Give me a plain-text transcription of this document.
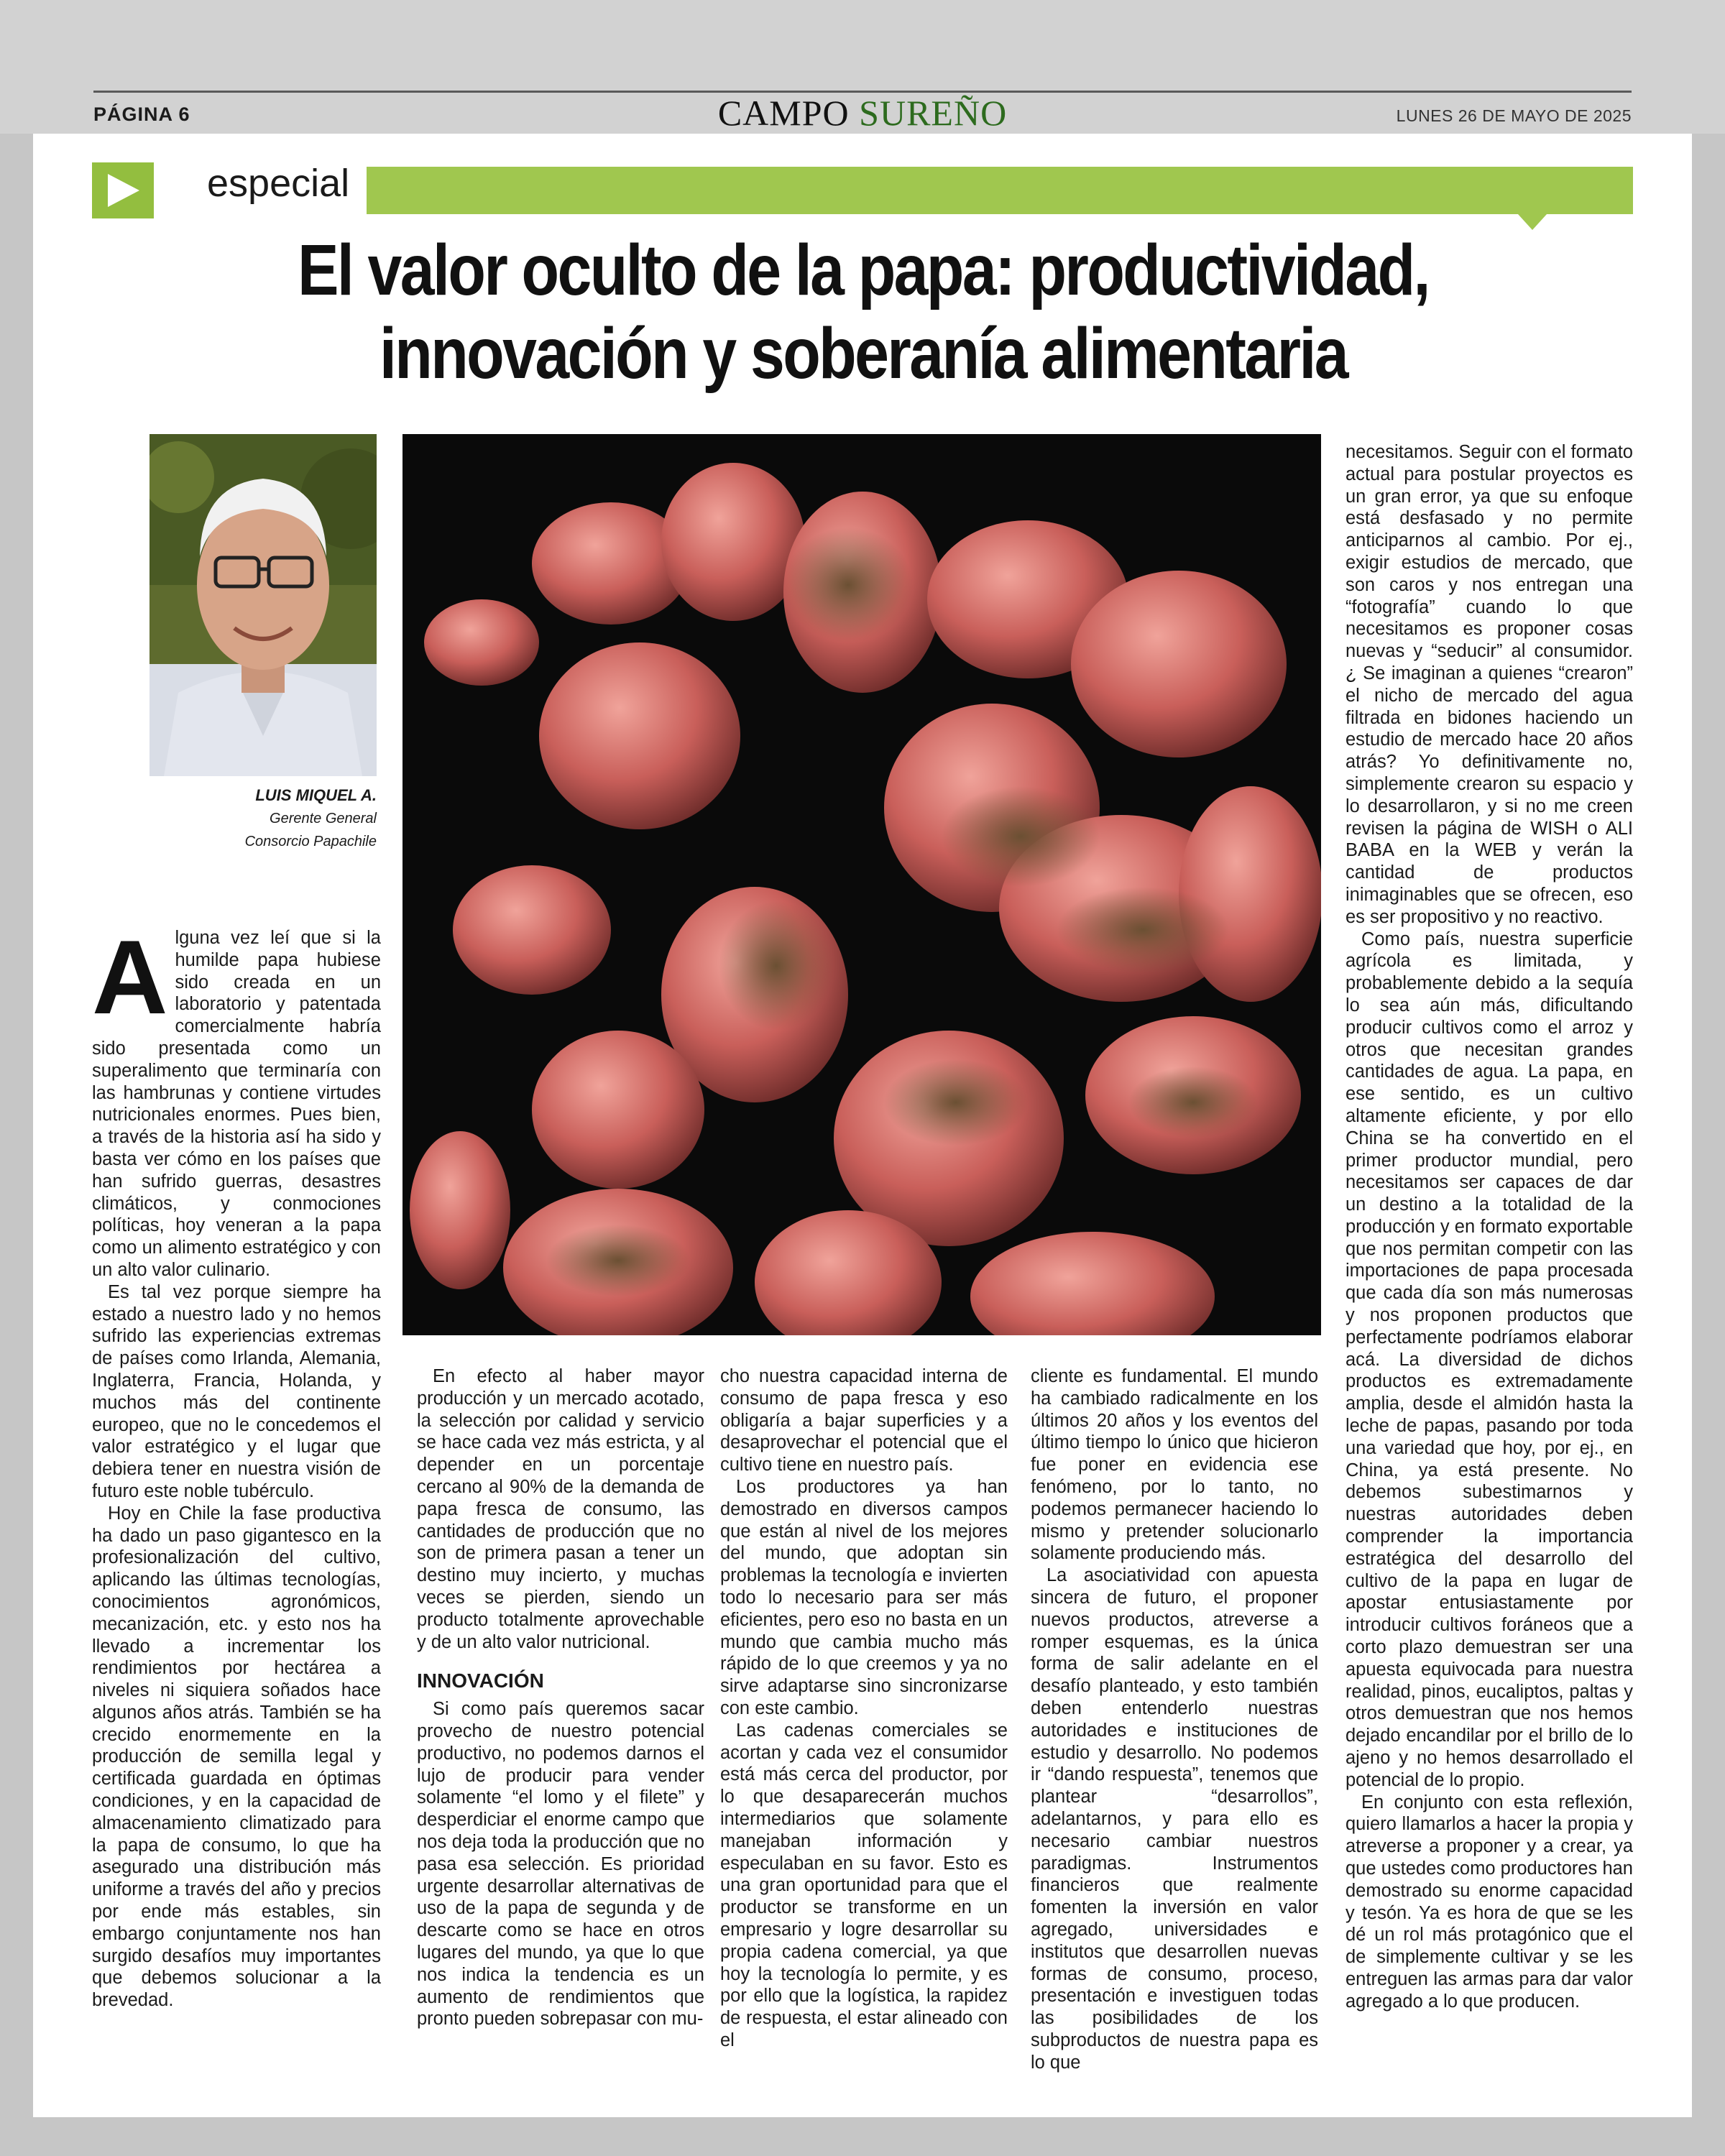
PÁGINA 6	CAMPO SUREÑO	LUNES 26 DE MAYO DE 2025
especial
El valor oculto de la papa: productividad,
innovación y soberanía alimentaria
LUIS MIQUEL A.
Gerente General
Consorcio Papachile

Alguna vez leí que si la humilde papa hubiese sido creada en un laboratorio y patentada comercialmente habría sido presentada como un superalimento que terminaría con las hambrunas y contiene virtudes nutricionales enormes. Pues bien, a través de la historia así ha sido y basta ver cómo en los países que han sufrido guerras, desastres climáticos, y conmociones políticas, hoy veneran a la papa como un alimento estratégico y con un alto valor culinario.

Es tal vez porque siempre ha estado a nuestro lado y no hemos sufrido las experiencias extremas de países como Irlanda, Alemania, Inglaterra, Francia, Holanda, y muchos más del continente europeo, que no le concedemos el valor estratégico y el lugar que debiera tener en nuestra visión de futuro este noble tubérculo.

Hoy en Chile la fase productiva ha dado un paso gigantesco en la profesionalización del cultivo, aplicando las últimas tecnologías, conocimientos agronómicos, mecanización, etc. y esto nos ha llevado a incrementar los rendimientos por hectárea a niveles ni siquiera soñados hace algunos años atrás. También se ha crecido enormemente en la producción de semilla legal y certificada guardada en óptimas condiciones, y en la capacidad de almacenamiento climatizado para la papa de consumo, lo que ha asegurado una distribución más uniforme a través del año y precios por ende más estables, sin embargo conjuntamente nos han surgido desafíos muy importantes que debemos solucionar a la brevedad.

En efecto al haber mayor producción y un mercado acotado, la selección por calidad y servicio se hace cada vez más estricta, y al depender en un porcentaje cercano al 90% de la demanda de papa fresca de consumo, las cantidades de producción que no son de primera pasan a tener un destino muy incierto, y muchas veces se pierden, siendo un producto totalmente aprovechable y de un alto valor nutricional.

INNOVACIÓN

Si como país queremos sacar provecho de nuestro potencial productivo, no podemos darnos el lujo de producir para vender solamente “el lomo y el filete” y desperdiciar el enorme campo que nos deja toda la producción que no pasa esa selección. Es prioridad urgente desarrollar alternativas de uso de la papa de segunda y de descarte como se hace en otros lugares del mundo, ya que lo que nos indica la tendencia es un aumento de rendimientos que pronto pueden sobrepasar con mu-

cho nuestra capacidad interna de consumo de papa fresca y eso obligaría a bajar superficies y a desaprovechar el potencial que el cultivo tiene en nuestro país.

Los productores ya han demostrado en diversos campos que están al nivel de los mejores del mundo, que adoptan sin problemas la tecnología e invierten todo lo necesario para ser más eficientes, pero eso no basta en un mundo que cambia mucho más rápido de lo que creemos y ya no sirve adaptarse sino sincronizarse con este cambio.

Las cadenas comerciales se acortan y cada vez el consumidor está más cerca del productor, por lo que desaparecerán muchos intermediarios que solamente manejaban información y especulaban en su favor. Esto es una gran oportunidad para que el productor se transforme en un empresario y logre desarrollar su propia cadena comercial, ya que hoy la tecnología lo permite, y es por ello que la logística, la rapidez de respuesta, el estar alineado con el

cliente es fundamental. El mundo ha cambiado radicalmente en los últimos 20 años y los eventos del último tiempo lo único que hicieron fue poner en evidencia ese fenómeno, por lo tanto, no podemos permanecer haciendo lo mismo y pretender solucionarlo solamente produciendo más.

La asociatividad con apuesta sincera de futuro, el proponer nuevos productos, atreverse a romper esquemas, es la única forma de salir adelante en el desafío planteado, y esto también deben entenderlo nuestras autoridades e instituciones de estudio y desarrollo. No podemos ir “dando respuesta”, tenemos que plantear “desarrollos”, adelantarnos, y para ello es necesario cambiar nuestros paradigmas. Instrumentos financieros que realmente fomenten la inversión en valor agregado, universidades e institutos que desarrollen nuevas formas de consumo, proceso, presentación e investiguen todas las posibilidades de los subproductos de nuestra papa es lo que

necesitamos. Seguir con el formato actual para postular proyectos es un gran error, ya que su enfoque está desfasado y no permite anticiparnos al cambio. Por ej., exigir estudios de mercado, que son caros y nos entregan una “fotografía” cuando lo que necesitamos es proponer cosas nuevas y “seducir” al consumidor. ¿ Se imaginan a quienes “crearon” el nicho de mercado del agua filtrada en bidones haciendo un estudio de mercado hace 20 años atrás? Yo definitivamente no, simplemente crearon su espacio y lo desarrollaron, y si no me creen revisen la página de WISH o ALI BABA en la WEB y verán la cantidad de productos inimaginables que se ofrecen, eso es ser propositivo y no reactivo.

Como país, nuestra superficie agrícola es limitada, y probablemente debido a la sequía lo sea aún más, dificultando producir cultivos como el arroz y otros que necesitan grandes cantidades de agua. La papa, en ese sentido, es un cultivo altamente eficiente, y por ello China se ha convertido en el primer productor mundial, pero necesitamos ser capaces de dar un destino a la totalidad de la producción y en formato exportable que nos permitan competir con las importaciones de papa procesada que cada día son más numerosas y nos proponen productos que perfectamente podríamos elaborar acá. La diversidad de dichos productos es extremadamente amplia, desde el almidón hasta la leche de papas, pasando por toda una variedad que hoy, por ej., en China, ya está presente. No debemos subestimarnos y nuestras autoridades deben comprender la importancia estratégica del desarrollo del cultivo de la papa en lugar de apostar entusiastamente por introducir cultivos foráneos que a corto plazo demuestran ser una apuesta equivocada para nuestra realidad, pinos, eucaliptos, paltas y otros demuestran que nos hemos dejado encandilar por el brillo de lo ajeno y no hemos desarrollado el potencial de lo propio.

En conjunto con esta reflexión, quiero llamarlos a hacer la propia y atreverse a proponer y a crear, ya que ustedes como productores han demostrado su enorme capacidad y tesón. Ya es hora de que se les dé un rol más protagónico que el de simplemente cultivar y se les entreguen las armas para dar valor agregado a lo que producen.
